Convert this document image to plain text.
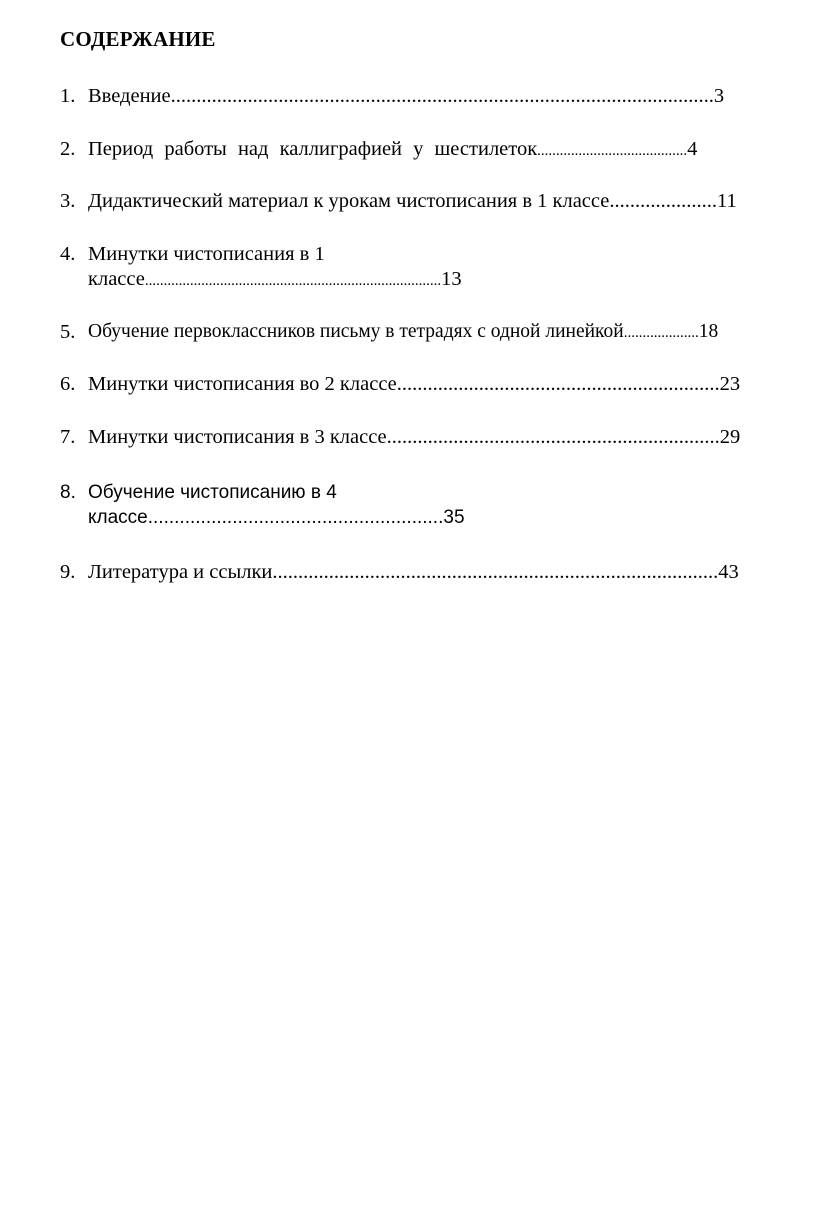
СОДЕРЖАНИЕ
1. Введение..........................................................................................................3
2. Период работы над каллиграфией у шестилеток........................................4
3. Дидактический материал к урокам чистописания в 1 классе.....................11
4. Минутки чистописания в 1
классе...............................................................................13
5. Обучение первоклассников письму в тетрадях с одной линейкой....................18
6. Минутки чистописания во 2 классе...............................................................23
7. Минутки чистописания в 3 классе.................................................................29
8. Обучение чистописанию в 4
классе........................................................35
9. Литература и ссылки.......................................................................................43
